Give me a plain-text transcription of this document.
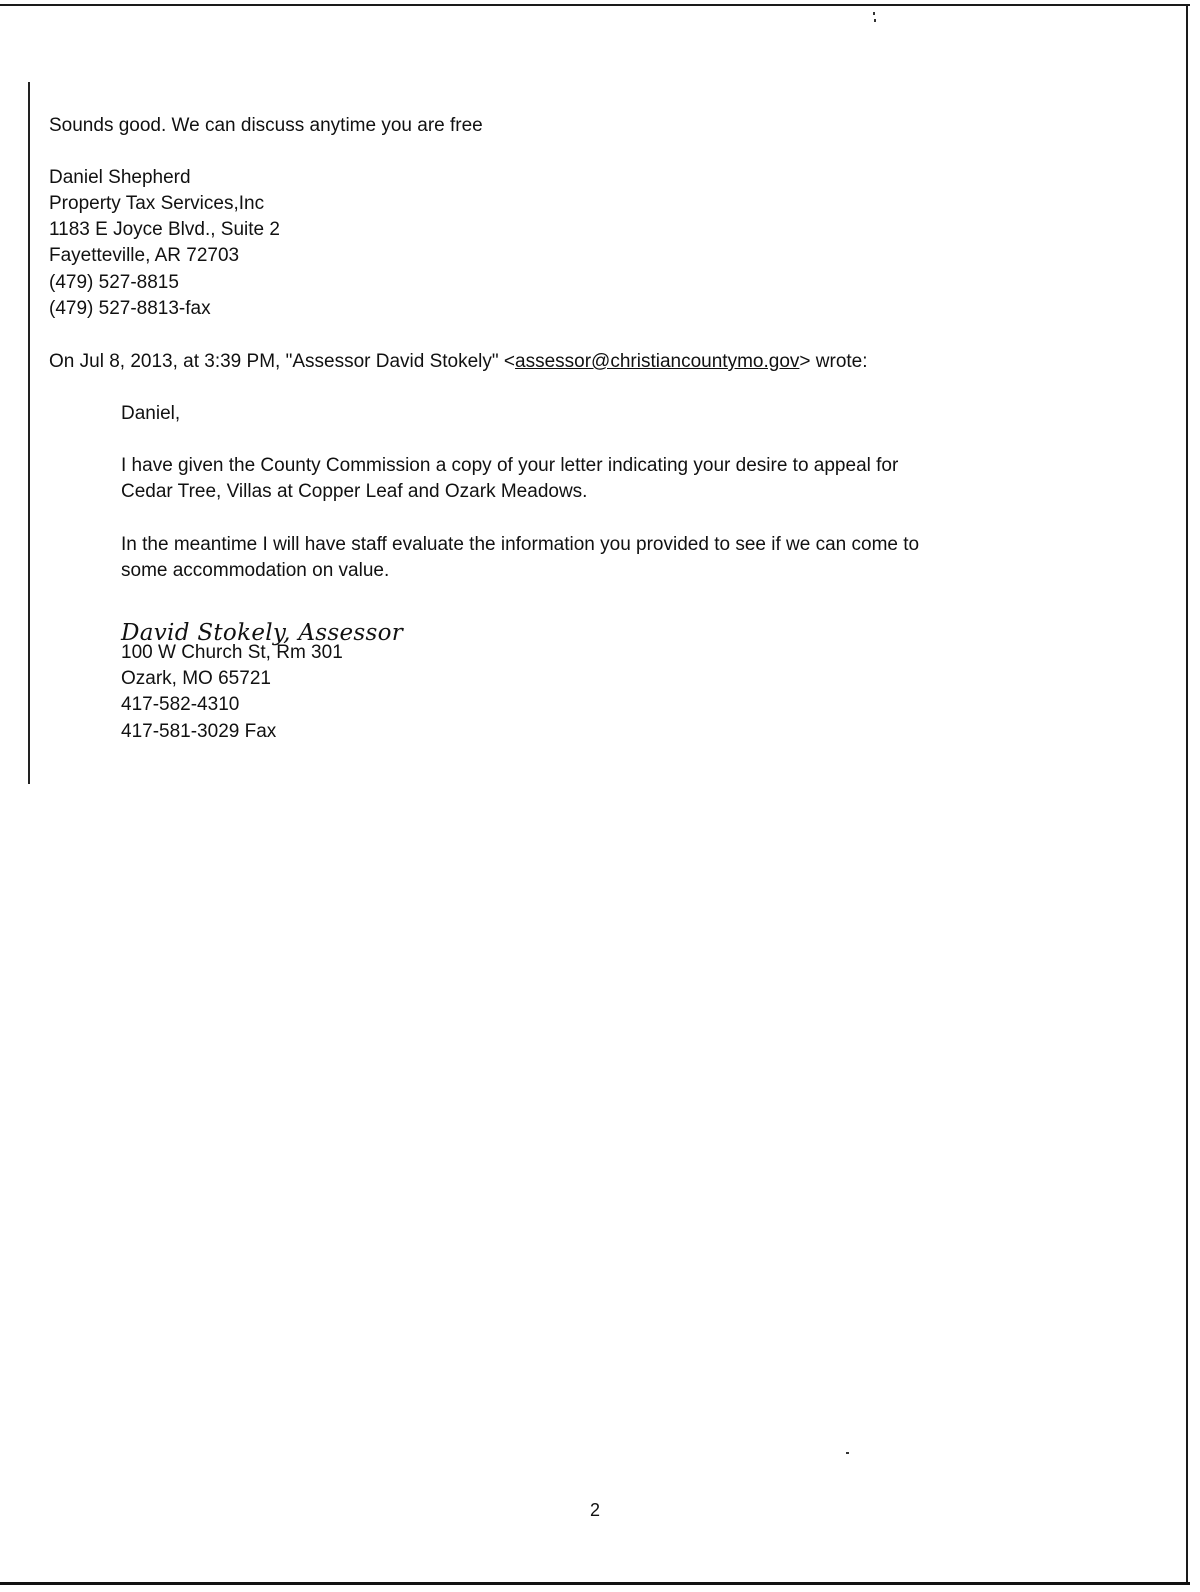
Sounds good. We can discuss anytime you are free
Daniel Shepherd
Property Tax Services,Inc
1183 E Joyce Blvd., Suite 2
Fayetteville, AR 72703
(479) 527-8815
(479) 527-8813-fax
On Jul 8, 2013, at 3:39 PM, "Assessor David Stokely" <assessor@christiancountymo.gov> wrote:
Daniel,
I have given the County Commission a copy of your letter indicating your desire to appeal for
Cedar Tree, Villas at Copper Leaf and Ozark Meadows.
In the meantime I will have staff evaluate the information you provided to see if we can come to
some accommodation on value.
David Stokely, Assessor
100 W Church St, Rm 301
Ozark, MO 65721
417-582-4310
417-581-3029 Fax
2
